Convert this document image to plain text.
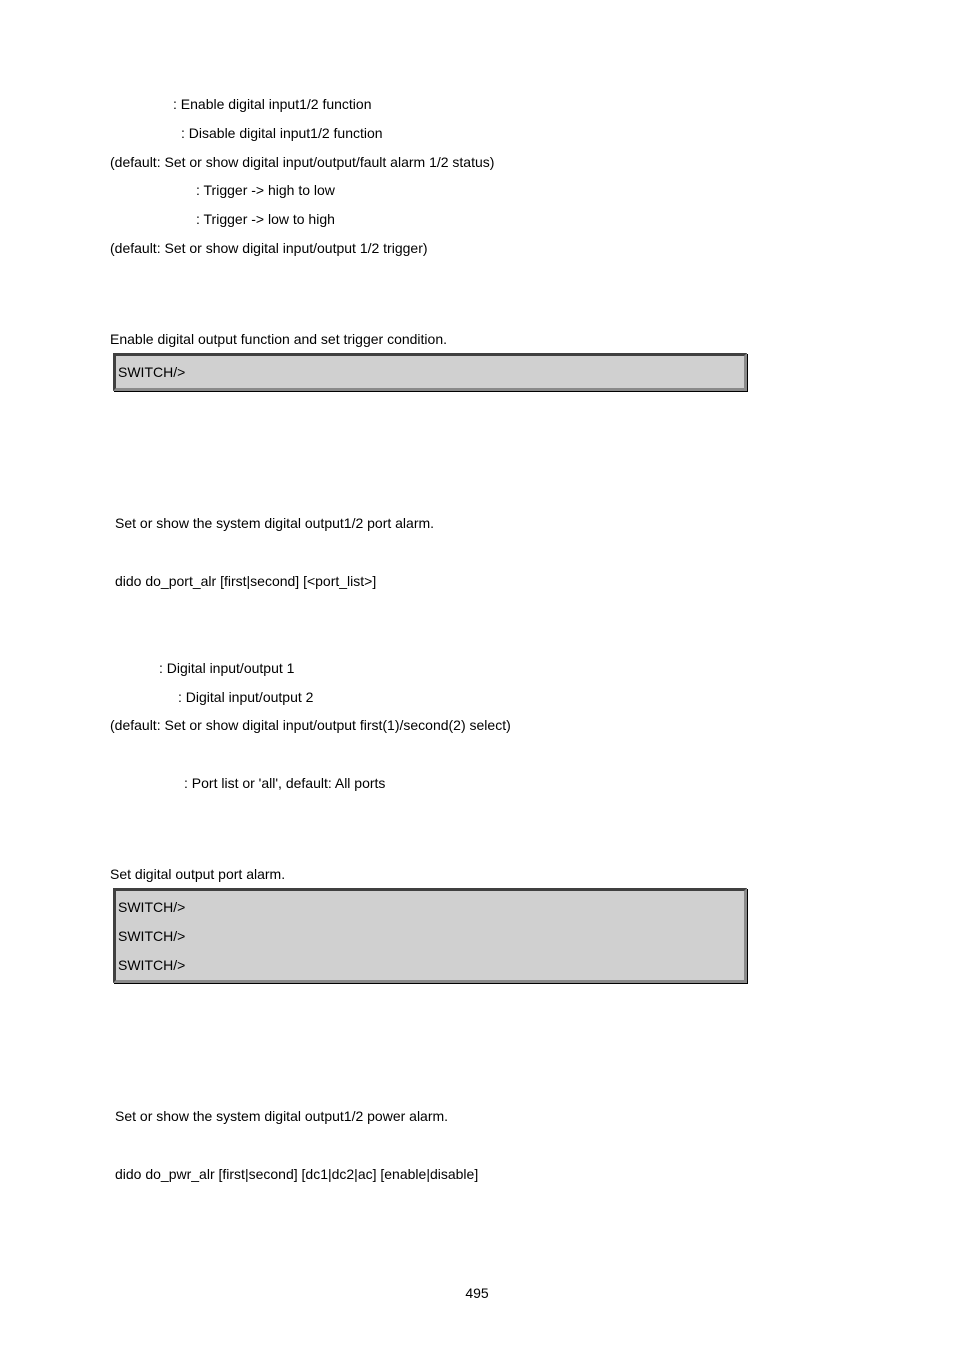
: Enable digital input1/2 function
: Disable digital input1/2 function
(default: Set or show digital input/output/fault alarm 1/2 status)
: Trigger -> high to low
: Trigger -> low to high
(default: Set or show digital input/output 1/2 trigger)
Enable digital output function and set trigger condition.
SWITCH/>
Set or show the system digital output1/2 port alarm.
dido do_port_alr [first|second] [<port_list>]
: Digital input/output 1
: Digital input/output 2
(default: Set or show digital input/output first(1)/second(2) select)
: Port list or 'all', default: All ports
Set digital output port alarm.
SWITCH/>
SWITCH/>
SWITCH/>
Set or show the system digital output1/2 power alarm.
dido do_pwr_alr [first|second] [dc1|dc2|ac] [enable|disable]
495
